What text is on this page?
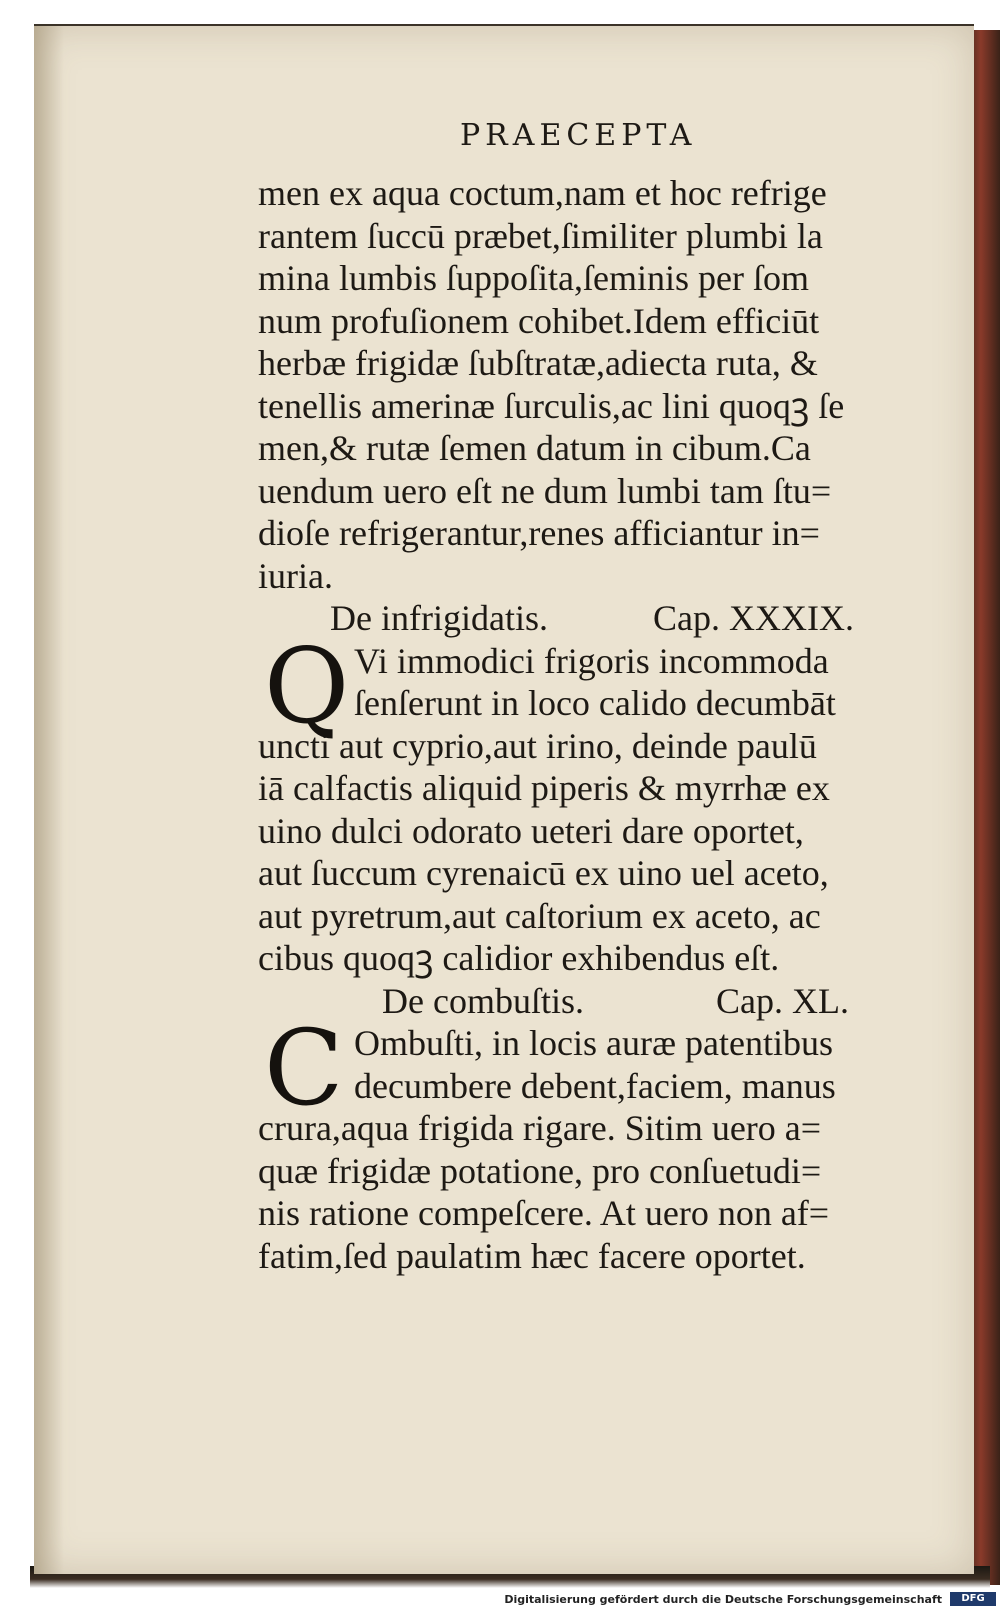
PRAECEPTA
men ex aqua coctum,nam et hoc refrige
rantem ſuccū præbet,ſimiliter plumbi la
mina lumbis ſuppoſita,ſeminis per ſom
num profuſionem cohibet.Idem efficiūt
herbæ frigidæ ſubſtratæ,adiecta ruta, &
tenellis amerinæ ſurculis,ac lini quoqꝫ ſe
men,& rutæ ſemen datum in cibum.Ca
uendum uero eſt ne dum lumbi tam ſtu=
dioſe refrigerantur,renes afficiantur in=
iuria.
De infrigidatis.	Cap. XXXIX.
Q Vi immodici frigoris incommoda
ſenſerunt in loco calido decumbāt
uncti aut cyprio,aut irino, deinde paulū
iā calfactis aliquid piperis & myrrhæ ex
uino dulci odorato ueteri dare oportet,
aut ſuccum cyrenaicū ex uino uel aceto,
aut pyretrum,aut caſtorium ex aceto, ac
cibus quoqꝫ calidior exhibendus eſt.
De combuſtis.	Cap. XL.
C Ombuſti, in locis auræ patentibus
decumbere debent,faciem, manus
crura,aqua frigida rigare. Sitim uero a=
quæ frigidæ potatione, pro conſuetudi=
nis ratione compeſcere. At uero non af=
fatim,ſed paulatim hæc facere oportet.
Digitalisierung gefördert durch die Deutsche Forschungsgemeinschaft	DFG
